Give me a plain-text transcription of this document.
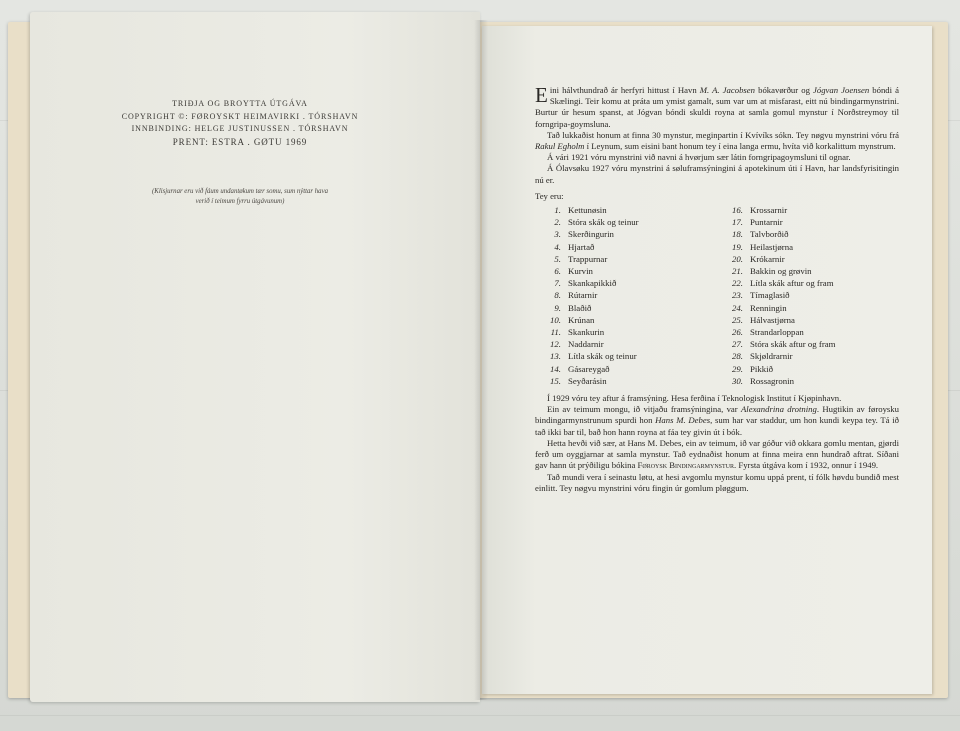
TRIÐJA OG BROYTTA ÚTGÁVA
COPYRIGHT ©: FØROYSKT HEIMAVIRKI . TÓRSHAVN
INNBINDING: HELGE JUSTINUSSEN . TÓRSHAVN
PRENT: ESTRA . GØTU 1969
(Klisjurnar eru við fáum undantøkum tær somu, sum nýttar hava
verið í teimum fyrru útgávunum)

Eini hálvthundrað ár herfyri hittust í Havn M. A. Jacobsen bókavørður og Jógvan Joensen bóndi á Skælingi. Teir komu at práta um ymist gamalt, sum var um at misfarast, eitt nú bindingarmynstrini. Burtur úr hesum spanst, at Jógvan bóndi skuldi royna at samla gomul mynstur í Norðstreymoy til forngripa-goymsluna.

Tað lukkaðist honum at finna 30 mynstur, meginpartin í Kvívíks sókn. Tey nøgvu mynstrini vóru frá Rakul Egholm í Leynum, sum eisini bant honum tey í eina langa ermu, hvíta við korkalittum mynstrum.

Á vári 1921 vóru mynstrini við navni á hvørjum sær látin forngripagoymsluni til ognar.

Á Ólavsøku 1927 vóru mynstrini á søluframsýningini á apotekinum úti í Havn, har landsfyrisitingin nú er.

Tey eru:

1. Kettunøsin
2. Stóra skák og teinur
3. Skerðingurin
4. Hjartað
5. Trappurnar
6. Kurvin
7. Skankapikkið
8. Rútarnir
9. Blaðið
10. Krúnan
11. Skankurin
12. Naddarnir
13. Lítla skák og teinur
14. Gásareygað
15. Seyðarásin
16. Krossarnir
17. Puntarnir
18. Talvborðið
19. Heilastjørna
20. Krókarnir
21. Bakkin og grøvin
22. Lítla skák aftur og fram
23. Tímaglasið
24. Renningin
25. Hálvastjørna
26. Strandarloppan
27. Stóra skák aftur og fram
28. Skjøldrarnir
29. Pikkið
30. Rossagronin

Í 1929 vóru tey aftur á framsýning. Hesa ferðina í Teknologisk Institut í Kjøpinhavn.

Ein av teimum mongu, ið vitjaðu framsýningina, var Alexandrina drotning. Hugtikin av føroysku bindingarmynstrunum spurdi hon Hans M. Debes, sum har var staddur, um hon kundi keypa tey. Tá ið tað ikki bar til, bað hon hann royna at fáa tey givin út í bók.

Hetta hevði við sær, at Hans M. Debes, ein av teimum, ið var góður við okkara gomlu mentan, gjørdi ferð um oyggjarnar at samla mynstur. Tað eydnaðist honum at finna meira enn hundrað aftrat. Síðani gav hann út prýðiligu bókina Føroysk Bindingarmynstur. Fyrsta útgáva kom í 1932, onnur í 1949.

Tað mundi vera í seinastu løtu, at hesi avgomlu mynstur komu uppá prent, tí fólk høvdu bundið mest einlitt. Tey nøgvu mynstrini vóru fingin úr gomlum pløggum.
